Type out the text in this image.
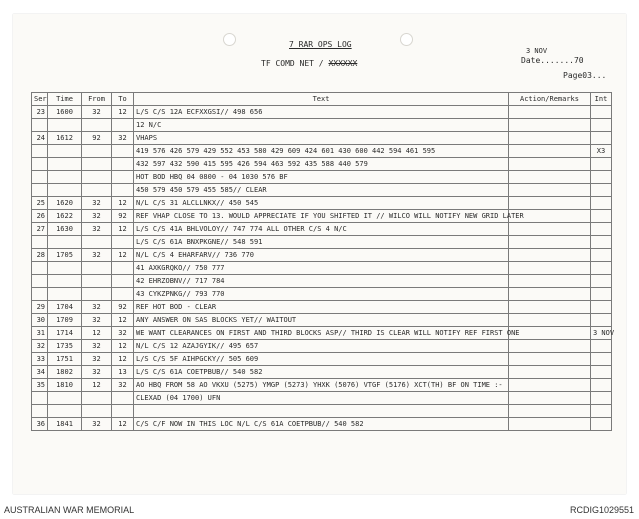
7 RAR OPS LOG
TF COMD NET / XXXXXX
3 NOV
Date.......70
Page03...
Ser	Time	From	To	Text	Action/Remarks	Int
23	1600	32	12	L/S C/S 12A ECFXXGSI// 498 656		
				12 N/C		
24	1612	92	32	VHAPS		
				419 576 426 579 429 552 453 580 429 609 424 601 430 600 442 594 461 595		X3
				432 597 432 590 415 595 426 594 463 592 435 588 440 579		
				HOT BOD HBQ 04 0800 - 04 1030 576 BF		
				450 579 450 579 455 585// CLEAR		
25	1620	32	12	N/L C/S 31 ALCLLNKX// 450 545		
26	1622	32	92	REF VHAP CLOSE TO 13. WOULD APPRECIATE IF YOU SHIFTED IT // WILCO WILL NOTIFY NEW GRID LATER		
27	1630	32	12	L/S C/S 41A BHLVOLOY// 747 774 ALL OTHER C/S 4 N/C		
				L/S C/S 61A BNXPKGNE// 548 591		
28	1705	32	12	N/L C/S 4 EHARFARV// 736 770		
				41 AXKGRQKO// 750 777		
				42 EHRZOBNV// 717 784		
				43 CYKZPNKG// 793 770		
29	1704	32	92	REF HOT BOD - CLEAR		
30	1709	32	12	ANY ANSWER ON SAS BLOCKS YET// WAITOUT		
31	1714	12	32	WE WANT CLEARANCES ON FIRST AND THIRD BLOCKS ASP// THIRD IS CLEAR WILL NOTIFY REF FIRST ONE		3 NOV
32	1735	32	12	N/L C/S 12 AZAJGYIK// 495 657		
33	1751	32	12	L/S C/S 5F AIHPGCKY// 505 609		
34	1802	32	13	L/S C/S 61A COETPBUB// 540 582		
35	1810	12	32	AO HBQ FROM 58 AO VKXU (5275) YMGP (5273) YHXK (5076) VTGF (5176) XCT(TH) BF ON TIME :-		
				CLEXAD (04 1700) UFN		

36	1841	32	12	C/S C/F NOW IN THIS LOC N/L C/S 61A COETPBUB// 540 582		
AUSTRALIAN WAR MEMORIAL	RCDIG1029551
